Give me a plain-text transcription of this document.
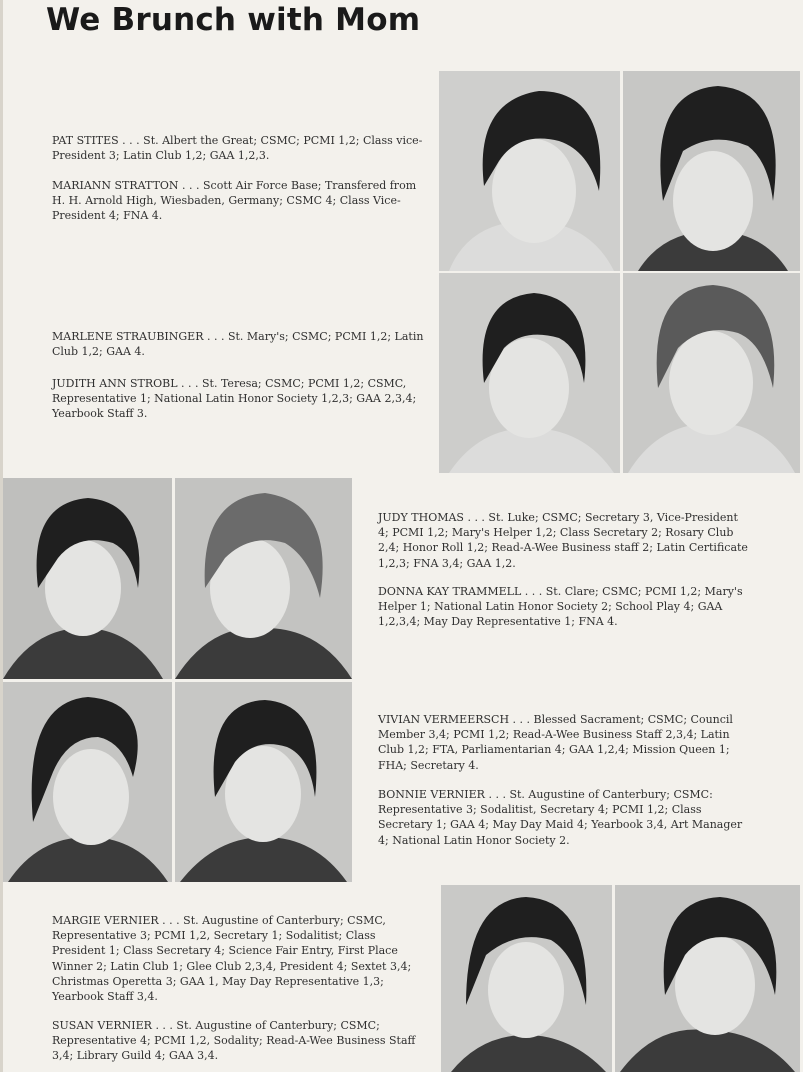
We Brunch with Mom
PAT STITES . . . St. Albert the Great; CSMC; PCMI 1,2; Class vice-President 3; Latin Club 1,2; GAA 1,2,3.
MARIANN STRATTON . . . Scott Air Force Base; Transfered from H. H. Arnold High, Wiesbaden, Germany; CSMC 4; Class Vice-President 4; FNA 4.
MARLENE STRAUBINGER . . . St. Mary's; CSMC; PCMI 1,2; Latin Club 1,2; GAA 4.
JUDITH ANN STROBL . . . St. Teresa; CSMC; PCMI 1,2; CSMC, Representative 1; National Latin Honor Society 1,2,3; GAA 2,3,4; Yearbook Staff 3.
JUDY THOMAS . . . St. Luke; CSMC; Secretary 3, Vice-President 4; PCMI 1,2; Mary's Helper 1,2; Class Secretary 2; Rosary Club 2,4; Honor Roll 1,2; Read-A-Wee Business staff 2; Latin Certificate 1,2,3; FNA 3,4; GAA 1,2.
DONNA KAY TRAMMELL . . . St. Clare; CSMC; PCMI 1,2; Mary's Helper 1; National Latin Honor Society 2; School Play 4; GAA 1,2,3,4; May Day Representative 1; FNA 4.
VIVIAN VERMEERSCH . . . Blessed Sacrament; CSMC; Council Member 3,4; PCMI 1,2; Read-A-Wee Business Staff 2,3,4; Latin Club 1,2; FTA, Parliamentarian 4; GAA 1,2,4; Mission Queen 1; FHA; Secretary 4.
BONNIE VERNIER . . . St. Augustine of Canterbury; CSMC: Representative 3; Sodalitist, Secretary 4; PCMI 1,2; Class Secretary 1; GAA 4; May Day Maid 4; Yearbook 3,4, Art Manager 4; National Latin Honor Society 2.
MARGIE VERNIER . . . St. Augustine of Canterbury; CSMC, Representative 3; PCMI 1,2, Secretary 1; Sodalitist; Class President 1; Class Secretary 4; Science Fair Entry, First Place Winner 2; Latin Club 1; Glee Club 2,3,4, President 4; Sextet 3,4; Christmas Operetta 3; GAA 1, May Day Representative 1,3; Yearbook Staff 3,4.
SUSAN VERNIER . . . St. Augustine of Canterbury; CSMC; Representative 4; PCMI 1,2, Sodality; Read-A-Wee Business Staff 3,4; Library Guild 4; GAA 3,4.
